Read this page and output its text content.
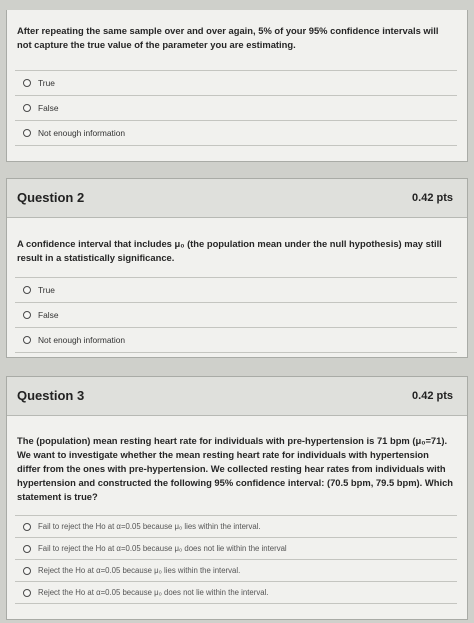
After repeating the same sample over and over again, 5% of your 95% confidence intervals will not capture the true value of the parameter you are estimating.
True
False
Not enough information
Question 2	0.42 pts
A confidence interval that includes μ₀ (the population mean under the null hypothesis) may still result in a statistically significance.
True
False
Not enough information
Question 3	0.42 pts
The (population) mean resting heart rate for individuals with pre-hypertension is 71 bpm (μ₀=71). We want to investigate whether the mean resting heart rate for individuals with hypertension differ from the ones with pre-hypertension. We collected resting hear rates from individuals with hypertension and constructed the following 95% confidence interval: (70.5 bpm, 79.5 bpm). Which statement is true?
Fail to reject the Ho at α=0.05 because μ₀ lies within the interval.
Fail to reject the Ho at α=0.05 because μ₀ does not lie within the interval
Reject the Ho at α=0.05 because μ₀ lies within the interval.
Reject the Ho at α=0.05 because μ₀ does not lie within the interval.
